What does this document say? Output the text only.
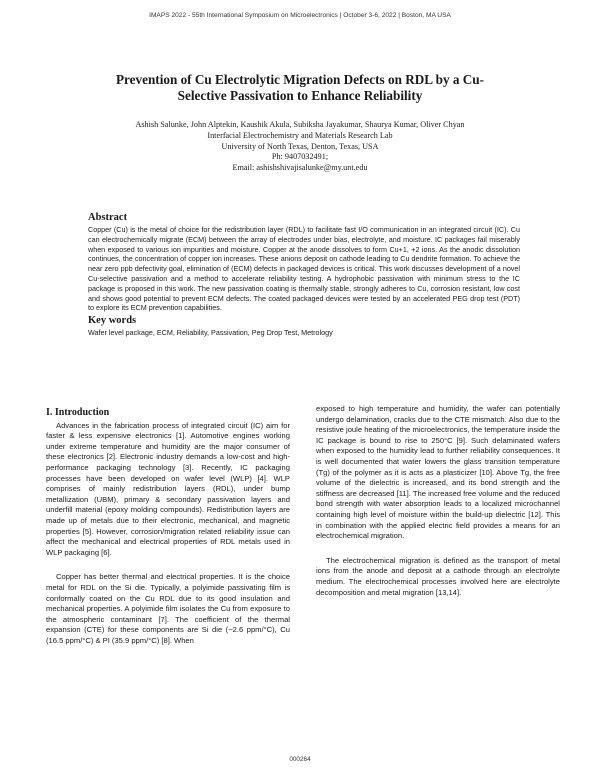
IMAPS 2022 - 55th International Symposium on Microelectronics | October 3-6, 2022 | Boston, MA USA
Prevention of Cu Electrolytic Migration Defects on RDL by a Cu-
Selective Passivation to Enhance Reliability
Ashish Salunke, John Alptekin, Kaushik Akula, Subiksha Jayakumar, Shaurya Kumar, Oliver Chyan
Interfacial Electrochemistry and Materials Research Lab
University of North Texas, Denton, Texas, USA
Ph: 9407032491;
Email: ashishshivajisalunke@my.unt.edu
Abstract

Copper (Cu) is the metal of choice for the redistribution layer (RDL) to facilitate fast I/O communication in an integrated circuit (IC). Cu can electrochemically migrate (ECM) between the array of electrodes under bias, electrolyte, and moisture. IC packages fail miserably when exposed to various ion impurities and moisture. Copper at the anode dissolves to form Cu+1, +2 ions. As the anodic dissolution continues, the concentration of copper ion increases. These anions deposit on cathode leading to Cu dendrite formation. To achieve the near zero ppb defectivity goal, elimination of (ECM) defects in packaged devices is critical. This work discusses development of a novel Cu-selective passivation and a method to accelerate reliability testing. A hydrophobic passivation with minimum stress to the IC package is proposed in this work. The new passivation coating is thermally stable, strongly adheres to Cu, corrosion resistant, low cost and shows good potential to prevent ECM defects. The coated packaged devices were tested by an accelerated PEG drop test (PDT) to explore its ECM prevention capabilities.

Key words

Wafer level package, ECM, Reliability, Passivation, Peg Drop Test, Metrology

I. Introduction

Advances in the fabrication process of integrated circuit (IC) aim for faster & less expensive electronics [1]. Automotive engines working under extreme temperature and humidity are the major consumer of these electronics [2]. Electronic industry demands a low-cost and high-performance packaging technology [3]. Recently, IC packaging processes have been developed on wafer level (WLP) [4]. WLP comprises of mainly redistribution layers (RDL), under bump metallization (UBM), primary & secondary passivation layers and underfill material (epoxy molding compounds). Redistribution layers are made up of metals due to their electronic, mechanical, and magnetic properties [5]. However, corrosion/migration related reliability issue can affect the mechanical and electrical properties of RDL metals used in WLP packaging [6].

Copper has better thermal and electrical properties. It is the choice metal for RDL on the Si die. Typically, a polyimide passivating film is conformally coated on the Cu RDL due to its good insulation and mechanical properties. A polyimide film isolates the Cu from exposure to the atmospheric contaminant [7]. The coefficient of the thermal expansion (CTE) for these components are Si die (~2.6 ppm/°C), Cu (16.5 ppm/°C) & PI (35.9 ppm/°C) [8]. When

exposed to high temperature and humidity, the wafer can potentially undergo delamination, cracks due to the CTE mismatch. Also due to the resistive joule heating of the microelectronics, the temperature inside the IC package is bound to rise to 250°C [9]. Such delaminated wafers when exposed to the humidity lead to further reliability consequences. It is well documented that water lowers the glass transition temperature (Tg) of the polymer as it is acts as a plasticizer [10]. Above Tg, the free volume of the dielectric is increased, and its bond strength and the stiffness are decreased [11]. The increased free volume and the reduced bond strength with water absorption leads to a localized microchannel containing high level of moisture within the build-up dielectric [12]. This in combination with the applied electric field provides a means for an electrochemical migration.

The electrochemical migration is defined as the transport of metal ions from the anode and deposit at a cathode through an electrolyte medium. The electrochemical processes involved here are electrolyte decomposition and metal migration [13,14].

000264
